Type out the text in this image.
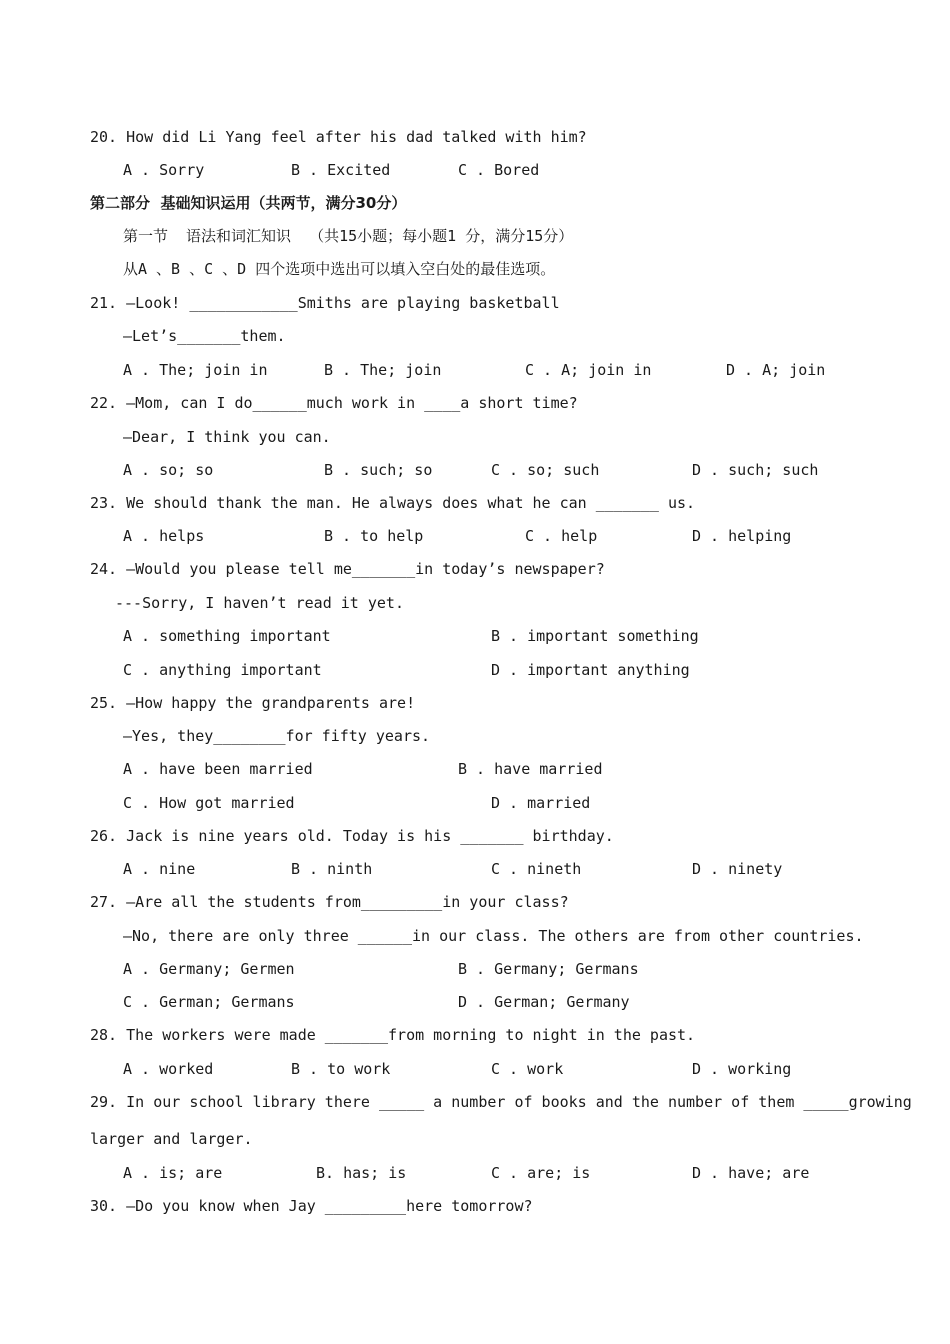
20. How did Li Yang feel after his dad talked with him?
A . Sorry	B . Excited	C . Bored
第二部分  基础知识运用（共两节，满分30分）
第一节  语法和词汇知识  （共15小题；每小题1 分，满分15分）
从A 、B 、C 、D 四个选项中选出可以填入空白处的最佳选项。
21. —Look! ____________Smiths are playing basketball
—Let’s_______them.
A . The; join in	B . The; join	C . A; join in	D . A; join
22. —Mom, can I do______much work in ____a short time?
—Dear, I think you can.
A . so; so	B . such; so	C . so; such	D . such; such
23. We should thank the man. He always does what he can _______ us.
A . helps	B . to help	C . help	D . helping
24. —Would you please tell me_______in today’s newspaper?
---Sorry, I haven’t read it yet.
A . something important	B . important something
C . anything important	D . important anything
25. —How happy the grandparents are!
—Yes, they________for fifty years.
A . have been married	B . have married
C . How got married	D . married
26. Jack is nine years old. Today is his _______ birthday.
A . nine	B . ninth	C . nineth	D . ninety
27. —Are all the students from_________in your class?
—No, there are only three ______in our class. The others are from other countries.
A . Germany; Germen	B . Germany; Germans
C . German; Germans	D . German; Germany
28. The workers were made _______from morning to night in the past.
A . worked	B . to work	C . work	D . working
29. In our school library there _____ a number of books and the number of them _____growing
larger and larger.
A . is; are	B. has; is	C . are; is	D . have; are
30. —Do you know when Jay _________here tomorrow?
